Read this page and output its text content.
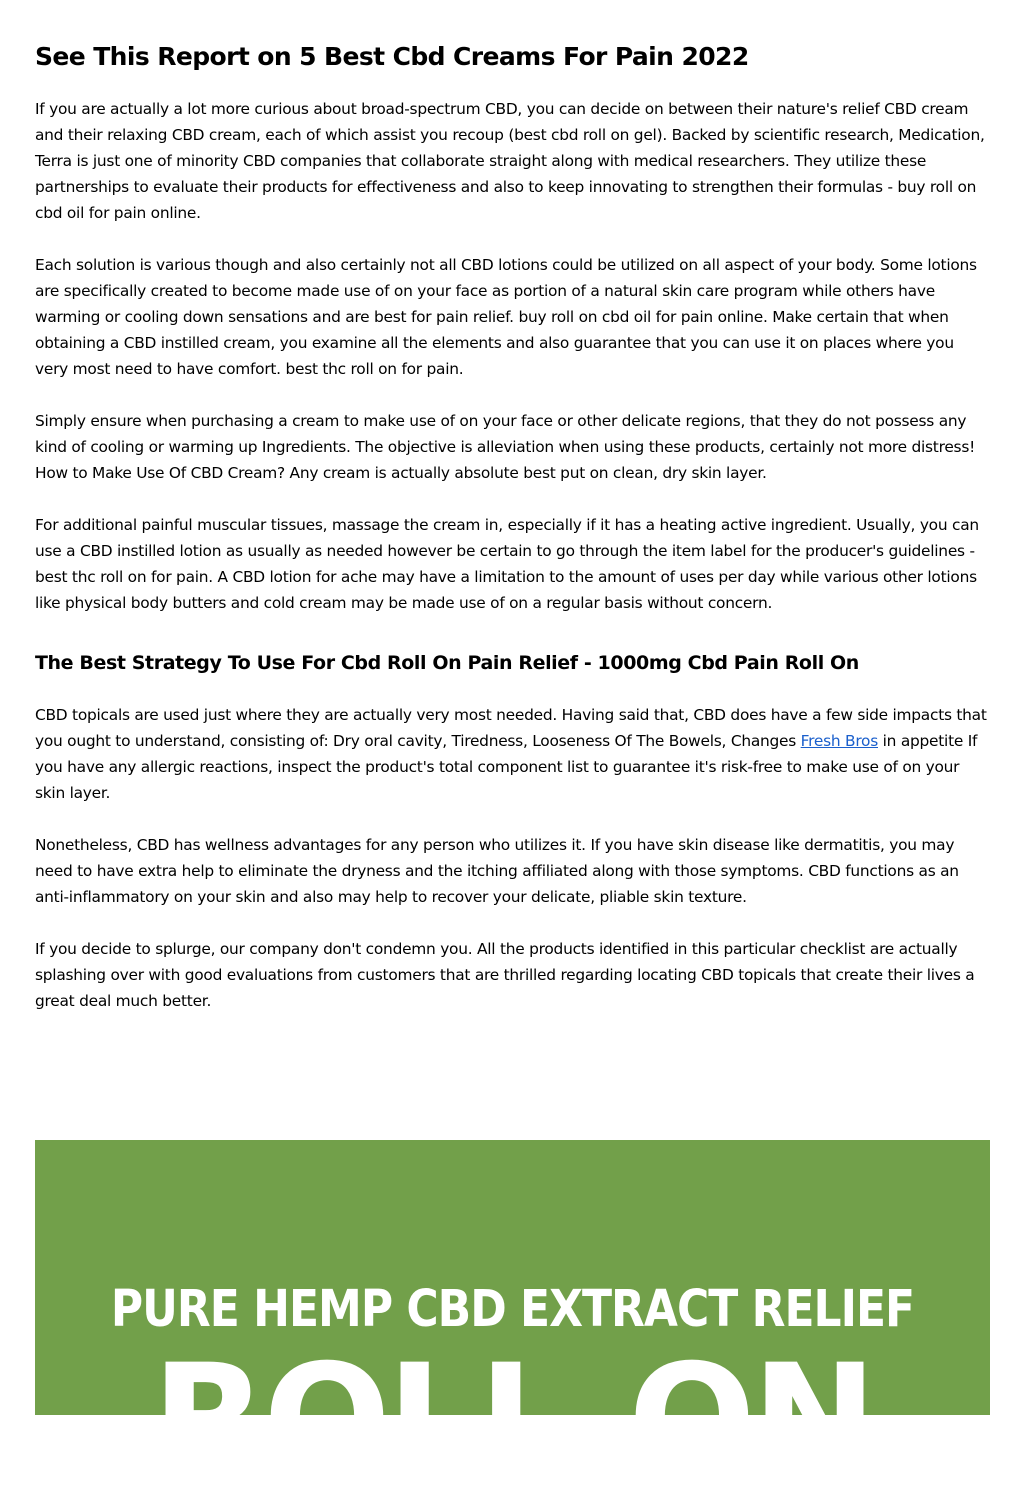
See This Report on 5 Best Cbd Creams For Pain 2022

If you are actually a lot more curious about broad-spectrum CBD, you can decide on between their nature's relief CBD cream and their relaxing CBD cream, each of which assist you recoup (best cbd roll on gel). Backed by scientific research, Medication, Terra is just one of minority CBD companies that collaborate straight along with medical researchers. They utilize these partnerships to evaluate their products for effectiveness and also to keep innovating to strengthen their formulas - buy roll on cbd oil for pain online.

Each solution is various though and also certainly not all CBD lotions could be utilized on all aspect of your body. Some lotions are specifically created to become made use of on your face as portion of a natural skin care program while others have warming or cooling down sensations and are best for pain relief. buy roll on cbd oil for pain online. Make certain that when obtaining a CBD instilled cream, you examine all the elements and also guarantee that you can use it on places where you very most need to have comfort. best thc roll on for pain.

Simply ensure when purchasing a cream to make use of on your face or other delicate regions, that they do not possess any kind of cooling or warming up Ingredients. The objective is alleviation when using these products, certainly not more distress! How to Make Use Of CBD Cream? Any cream is actually absolute best put on clean, dry skin layer.

For additional painful muscular tissues, massage the cream in, especially if it has a heating active ingredient. Usually, you can use a CBD instilled lotion as usually as needed however be certain to go through the item label for the producer's guidelines - best thc roll on for pain. A CBD lotion for ache may have a limitation to the amount of uses per day while various other lotions like physical body butters and cold cream may be made use of on a regular basis without concern.

The Best Strategy To Use For Cbd Roll On Pain Relief - 1000mg Cbd Pain Roll On

CBD topicals are used just where they are actually very most needed. Having said that, CBD does have a few side impacts that you ought to understand, consisting of: Dry oral cavity, Tiredness, Looseness Of The Bowels, Changes Fresh Bros in appetite If you have any allergic reactions, inspect the product's total component list to guarantee it's risk-free to make use of on your skin layer.

Nonetheless, CBD has wellness advantages for any person who utilizes it. If you have skin disease like dermatitis, you may need to have extra help to eliminate the dryness and the itching affiliated along with those symptoms. CBD functions as an anti-inflammatory on your skin and also may help to recover your delicate, pliable skin texture.

If you decide to splurge, our company don't condemn you. All the products identified in this particular checklist are actually splashing over with good evaluations from customers that are thrilled regarding locating CBD topicals that create their lives a great deal much better.

PURE HEMP CBD EXTRACT RELIEF
ROLL-ON
